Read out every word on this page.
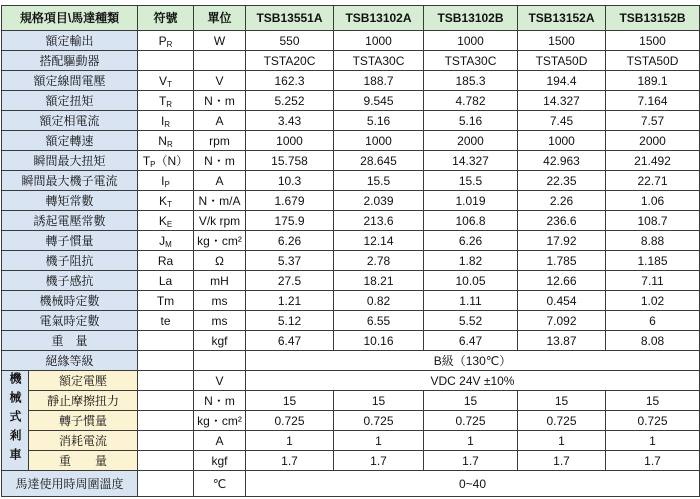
規格項目\馬達種類		符號	單位	TSB13551A	TSB13102A	TSB13102B	TSB13152A	TSB13152B
額定輸出		$P_R$	W	550	1000	1000	1500	1500
搭配驅動器				TSTA20C	TSTA30C	TSTA30C	TSTA50D	TSTA50D
額定線間電壓		$V_T$	V	162.3	188.7	185.3	194.4	189.1
額定扭矩		$T_R$	N・m	5.252	9.545	4.782	14.327	7.164
額定相電流		$I_R$	A	3.43	5.16	5.16	7.45	7.57
額定轉速		$N_R$	rpm	1000	1000	2000	1000	2000
瞬間最大扭矩		$T_P(N)$	N・m	15.758	28.645	14.327	42.963	21.492
瞬間最大機子電流		$I_P$	A	10.3	15.5	15.5	22.35	22.71
轉矩常數		$K_T$	N・m/A	1.679	2.039	1.019	2.26	1.06
誘起電壓常數		$K_E$	V/k rpm	175.9	213.6	106.8	236.6	108.7
轉子慣量		$J_M$	kg・cm²	6.26	12.14	6.26	17.92	8.88
機子阻抗		Ra	Ω	5.37	2.78	1.82	1.785	1.185
機子感抗		La	mH	27.5	18.21	10.05	12.66	7.11
機械時定數		Tm	ms	1.21	0.82	1.11	0.454	1.02
電氣時定數		te	ms	5.12	6.55	5.52	7.092	6
重　量			kgf	6.47	10.16	6.47	13.87	8.08
絕緣等級				B級（130℃）				
機械式剎車	額定電壓		V	VDC 24V ±10%				
	靜止摩擦扭力		N・m	15	15	15	15	15
	轉子慣量		kg・cm²	0.725	0.725	0.725	0.725	0.725
	消耗電流		A	1	1	1	1	1
	重　　量		kgf	1.7	1.7	1.7	1.7	1.7
馬達使用時周圍溫度			℃	0~40				
